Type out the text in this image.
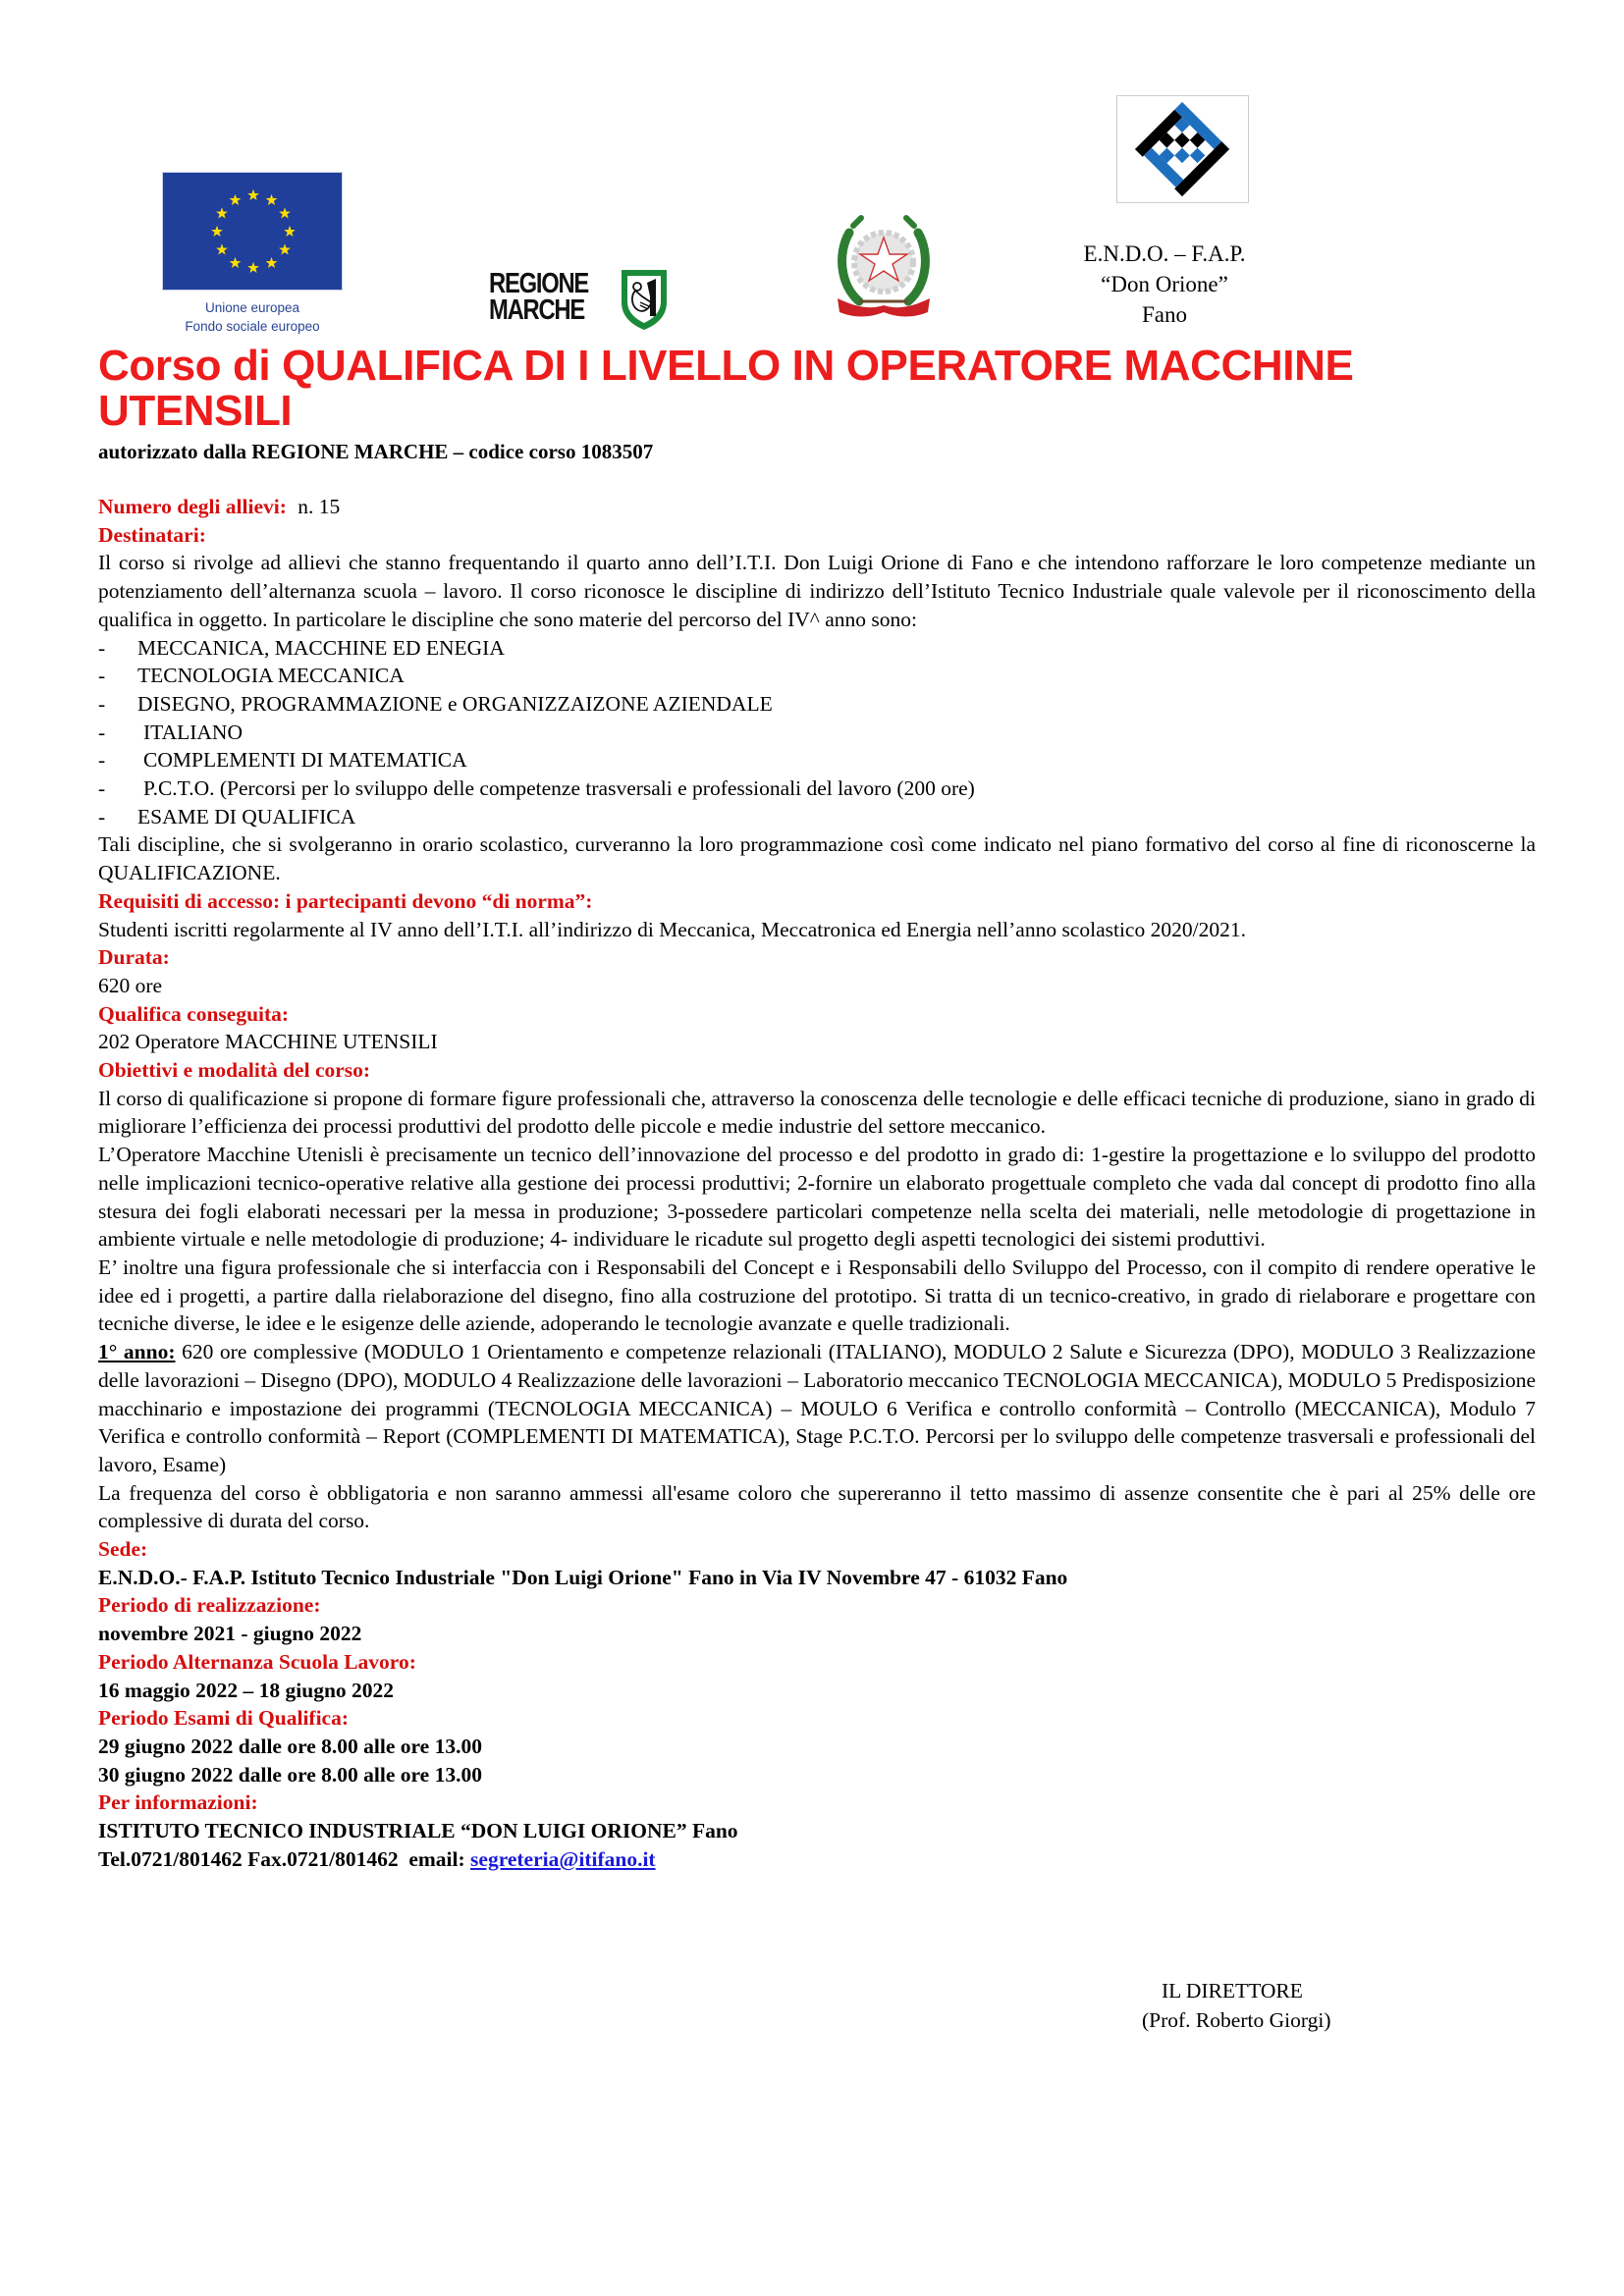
Unione europea
Fondo sociale europeo
REGIONE
MARCHE
E.N.D.O. – F.A.P.
“Don Orione”
Fano
Corso di QUALIFICA DI I LIVELLO IN OPERATORE MACCHINE UTENSILI
autorizzato dalla REGIONE MARCHE – codice corso 1083507
Numero degli allievi: n. 15
Destinatari:
Il corso si rivolge ad allievi che stanno frequentando il quarto anno dell’I.T.I. Don Luigi Orione di Fano e che intendono rafforzare le loro competenze mediante un potenziamento dell’alternanza scuola – lavoro. Il corso riconosce le discipline di indirizzo dell’Istituto Tecnico Industriale quale valevole per il riconoscimento della qualifica in oggetto. In particolare le discipline che sono materie del percorso del IV^ anno sono:
- MECCANICA, MACCHINE ED ENEGIA
- TECNOLOGIA MECCANICA
- DISEGNO, PROGRAMMAZIONE e ORGANIZZAIZONE AZIENDALE
- ITALIANO
- COMPLEMENTI DI MATEMATICA
- P.C.T.O. (Percorsi per lo sviluppo delle competenze trasversali e professionali del lavoro (200 ore)
- ESAME DI QUALIFICA
Tali discipline, che si svolgeranno in orario scolastico, curveranno la loro programmazione così come indicato nel piano formativo del corso al fine di riconoscerne la QUALIFICAZIONE.
Requisiti di accesso: i partecipanti devono “di norma”:
Studenti iscritti regolarmente al IV anno dell’I.T.I. all’indirizzo di Meccanica, Meccatronica ed Energia nell’anno scolastico 2020/2021.
Durata:
620 ore
Qualifica conseguita:
202 Operatore MACCHINE UTENSILI
Obiettivi e modalità del corso:
Il corso di qualificazione si propone di formare figure professionali che, attraverso la conoscenza delle tecnologie e delle efficaci tecniche di produzione, siano in grado di migliorare l’efficienza dei processi produttivi del prodotto delle piccole e medie industrie del settore meccanico.
L’Operatore Macchine Utenisli è precisamente un tecnico dell’innovazione del processo e del prodotto in grado di: 1-gestire la progettazione e lo sviluppo del prodotto nelle implicazioni tecnico-operative relative alla gestione dei processi produttivi; 2-fornire un elaborato progettuale completo che vada dal concept di prodotto fino alla stesura dei fogli elaborati necessari per la messa in produzione; 3-possedere particolari competenze nella scelta dei materiali, nelle metodologie di progettazione in ambiente virtuale e nelle metodologie di produzione; 4- individuare le ricadute sul progetto degli aspetti tecnologici dei sistemi produttivi.
E’ inoltre una figura professionale che si interfaccia con i Responsabili del Concept e i Responsabili dello Sviluppo del Processo, con il compito di rendere operative le idee ed i progetti, a partire dalla rielaborazione del disegno, fino alla costruzione del prototipo. Si tratta di un tecnico-creativo, in grado di rielaborare e progettare con tecniche diverse, le idee e le esigenze delle aziende, adoperando le tecnologie avanzate e quelle tradizionali.
1° anno: 620 ore complessive (MODULO 1 Orientamento e competenze relazionali (ITALIANO), MODULO 2 Salute e Sicurezza (DPO), MODULO 3 Realizzazione delle lavorazioni – Disegno (DPO), MODULO 4 Realizzazione delle lavorazioni – Laboratorio meccanico TECNOLOGIA MECCANICA), MODULO 5 Predisposizione macchinario e impostazione dei programmi (TECNOLOGIA MECCANICA) – MOULO 6 Verifica e controllo conformità – Controllo (MECCANICA), Modulo 7 Verifica e controllo conformità – Report (COMPLEMENTI DI MATEMATICA), Stage P.C.T.O. Percorsi per lo sviluppo delle competenze trasversali e professionali del lavoro, Esame)
La frequenza del corso è obbligatoria e non saranno ammessi all'esame coloro che supereranno il tetto massimo di assenze consentite che è pari al 25% delle ore complessive di durata del corso.
Sede:
E.N.D.O.- F.A.P. Istituto Tecnico Industriale "Don Luigi Orione" Fano in Via IV Novembre 47 - 61032 Fano
Periodo di realizzazione:
novembre 2021 - giugno 2022
Periodo Alternanza Scuola Lavoro:
16 maggio 2022 – 18 giugno 2022
Periodo Esami di Qualifica:
29 giugno 2022 dalle ore 8.00 alle ore 13.00
30 giugno 2022 dalle ore 8.00 alle ore 13.00
Per informazioni:
ISTITUTO TECNICO INDUSTRIALE “DON LUIGI ORIONE” Fano
Tel.0721/801462 Fax.0721/801462  email: segreteria@itifano.it
IL DIRETTORE
(Prof. Roberto Giorgi)
